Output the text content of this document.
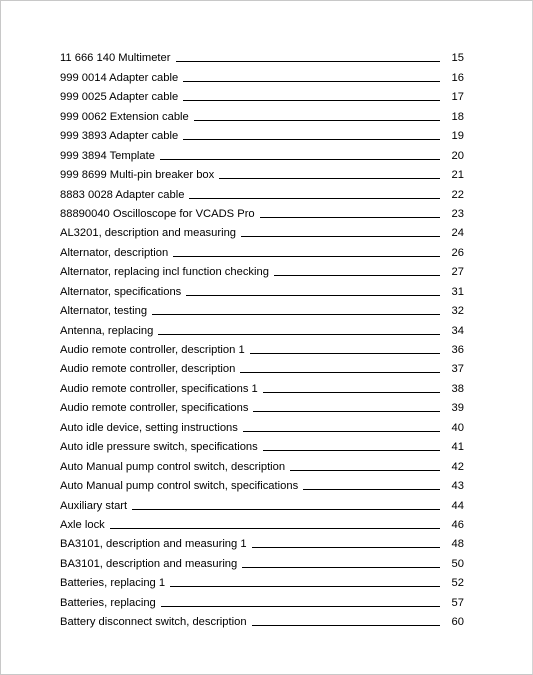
11 666 140 Multimeter	15
999 0014 Adapter cable	16
999 0025 Adapter cable	17
999 0062 Extension cable	18
999 3893 Adapter cable	19
999 3894 Template	20
999 8699 Multi-pin breaker box	21
8883 0028 Adapter cable	22
88890040 Oscilloscope for VCADS Pro	23
AL3201, description and measuring	24
Alternator, description	26
Alternator, replacing incl function checking	27
Alternator, specifications	31
Alternator, testing	32
Antenna, replacing	34
Audio remote controller, description 1	36
Audio remote controller, description	37
Audio remote controller, specifications 1	38
Audio remote controller, specifications	39
Auto idle device, setting instructions	40
Auto idle pressure switch, specifications	41
Auto Manual pump control switch, description	42
Auto Manual pump control switch, specifications	43
Auxiliary start	44
Axle lock	46
BA3101, description and measuring 1	48
BA3101, description and measuring	50
Batteries, replacing 1	52
Batteries, replacing	57
Battery disconnect switch, description	60
